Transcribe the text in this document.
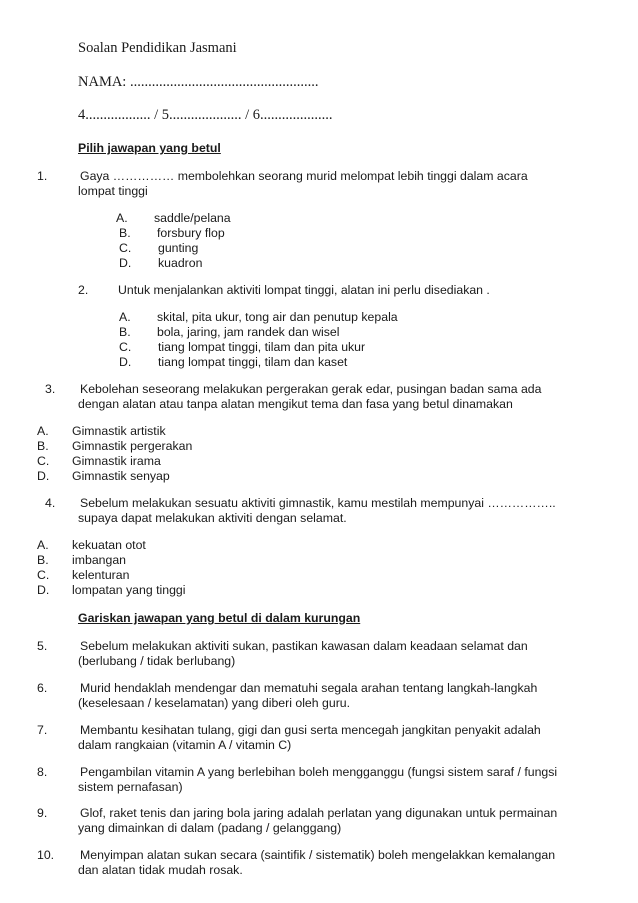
Soalan Pendidikan Jasmani
NAMA: ....................................................
4.................. / 5.................... / 6....................
Pilih jawapan yang betul
1.	Gaya …………… membolehkan seorang murid melompat lebih tinggi dalam acara
lompat tinggi
A. saddle/pelana
B. forsbury flop
C. gunting
D. kuadron
2. Untuk menjalankan aktiviti lompat tinggi, alatan ini perlu disediakan .
A. skital, pita ukur, tong air dan penutup kepala
B. bola, jaring, jam randek dan wisel
C. tiang lompat tinggi, tilam dan pita ukur
D. tiang lompat tinggi, tilam dan kaset
3. Kebolehan seseorang melakukan pergerakan gerak edar, pusingan badan sama ada
dengan alatan atau tanpa alatan mengikut tema dan fasa yang betul dinamakan
A. Gimnastik artistik
B. Gimnastik pergerakan
C. Gimnastik irama
D. Gimnastik senyap
4. Sebelum melakukan sesuatu aktiviti gimnastik, kamu mestilah mempunyai ……………..
supaya dapat melakukan aktiviti dengan selamat.
A. kekuatan otot
B. imbangan
C. kelenturan
D. lompatan yang tinggi
Gariskan jawapan yang betul di dalam kurungan
5.	Sebelum melakukan aktiviti sukan, pastikan kawasan dalam keadaan selamat dan
(berlubang / tidak berlubang)
6.	Murid hendaklah mendengar dan mematuhi segala arahan tentang langkah-langkah
(keselesaan / keselamatan) yang diberi oleh guru.
7.	Membantu kesihatan tulang, gigi dan gusi serta mencegah jangkitan penyakit adalah
dalam rangkaian (vitamin A / vitamin C)
8.	Pengambilan vitamin A yang berlebihan boleh mengganggu (fungsi sistem saraf / fungsi
sistem pernafasan)
9.	Glof, raket tenis dan jaring bola jaring adalah perlatan yang digunakan untuk permainan
yang dimainkan di dalam (padang / gelanggang)
10. Menyimpan alatan sukan secara (saintifik / sistematik) boleh mengelakkan kemalangan
dan alatan tidak mudah rosak.
